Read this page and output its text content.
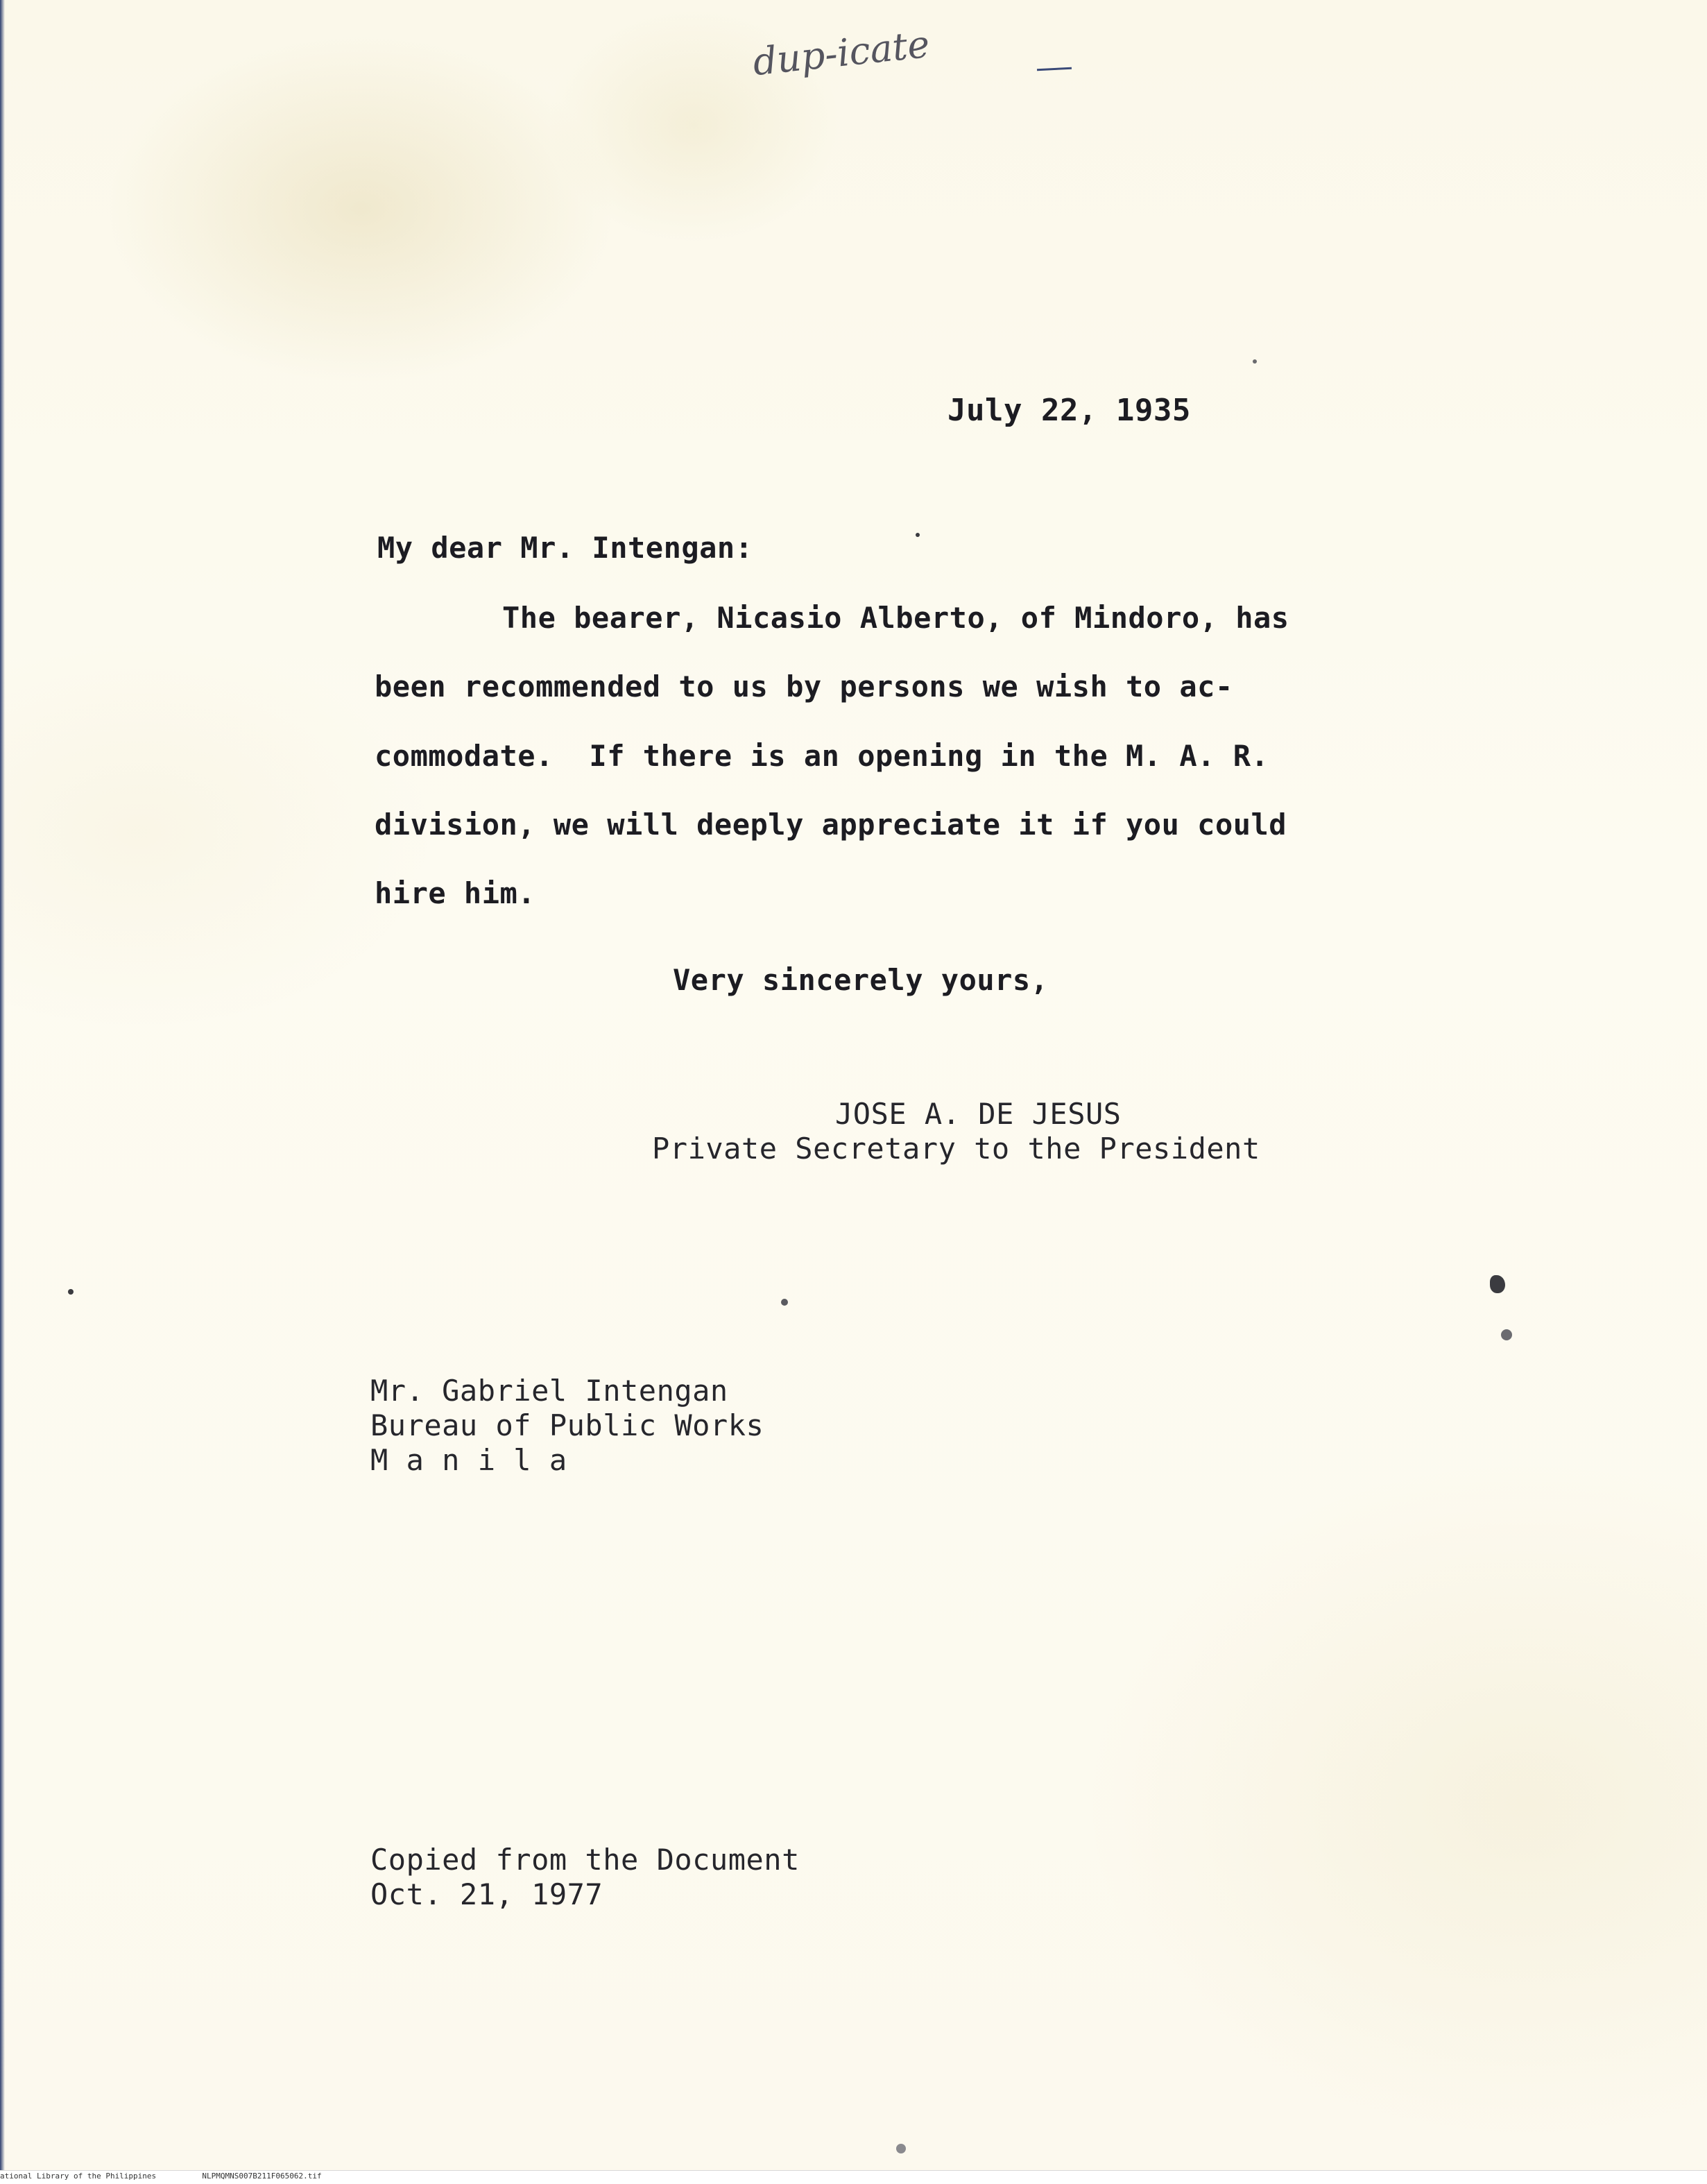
dup-icate

July 22, 1935

My dear Mr. Intengan:

The bearer, Nicasio Alberto, of Mindoro, has

been recommended to us by persons we wish to ac-

commodate.  If there is an opening in the M. A. R.

division, we will deeply appreciate it if you could

hire him.

Very sincerely yours,

JOSE A. DE JESUS

Private Secretary to the President

Mr. Gabriel Intengan

Bureau of Public Works

M a n i l a

Copied from the Document

Oct. 21, 1977

ational Library of the Philippines	NLPMQMNS007B211F065062.tif
